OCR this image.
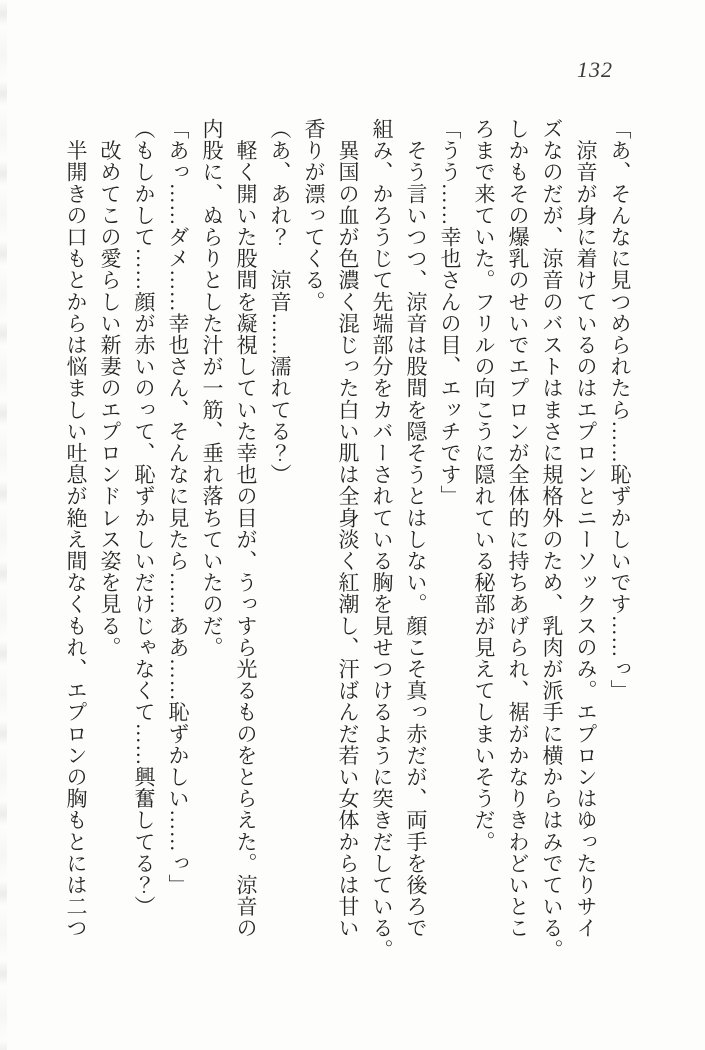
132
「あ、そんなに見つめられたら……恥ずかしいです……っ」
　涼音が身に着けているのはエプロンとニーソックスのみ。エプロンはゆったりサイ
ズなのだが、涼音のバストはまさに規格外のため、乳肉が派手に横からはみでている。
しかもその爆乳のせいでエプロンが全体的に持ちあげられ、裾がかなりきわどいとこ
ろまで来ていた。フリルの向こうに隠れている秘部が見えてしまいそうだ。
「うう……幸也さんの目、エッチです」
　そう言いつつ、涼音は股間を隠そうとはしない。顔こそ真っ赤だが、両手を後ろで
組み、かろうじて先端部分をカバーされている胸を見せつけるように突きだしている。
　異国の血が色濃く混じった白い肌は全身淡く紅潮し、汗ばんだ若い女体からは甘い
香りが漂ってくる。
（あ、あれ？　涼音……濡れてる？）
　軽く開いた股間を凝視していた幸也の目が、うっすら光るものをとらえた。涼音の
内股に、ぬらりとした汁が一筋、垂れ落ちていたのだ。
「あっ……ダメ……幸也さん、そんなに見たら……ああ……恥ずかしい……っ」
（もしかして……顔が赤いのって、恥ずかしいだけじゃなくて……興奮してる？）
　改めてこの愛らしい新妻のエプロンドレス姿を見る。
　半開きの口もとからは悩ましい吐息が絶え間なくもれ、エプロンの胸もとには二つ
